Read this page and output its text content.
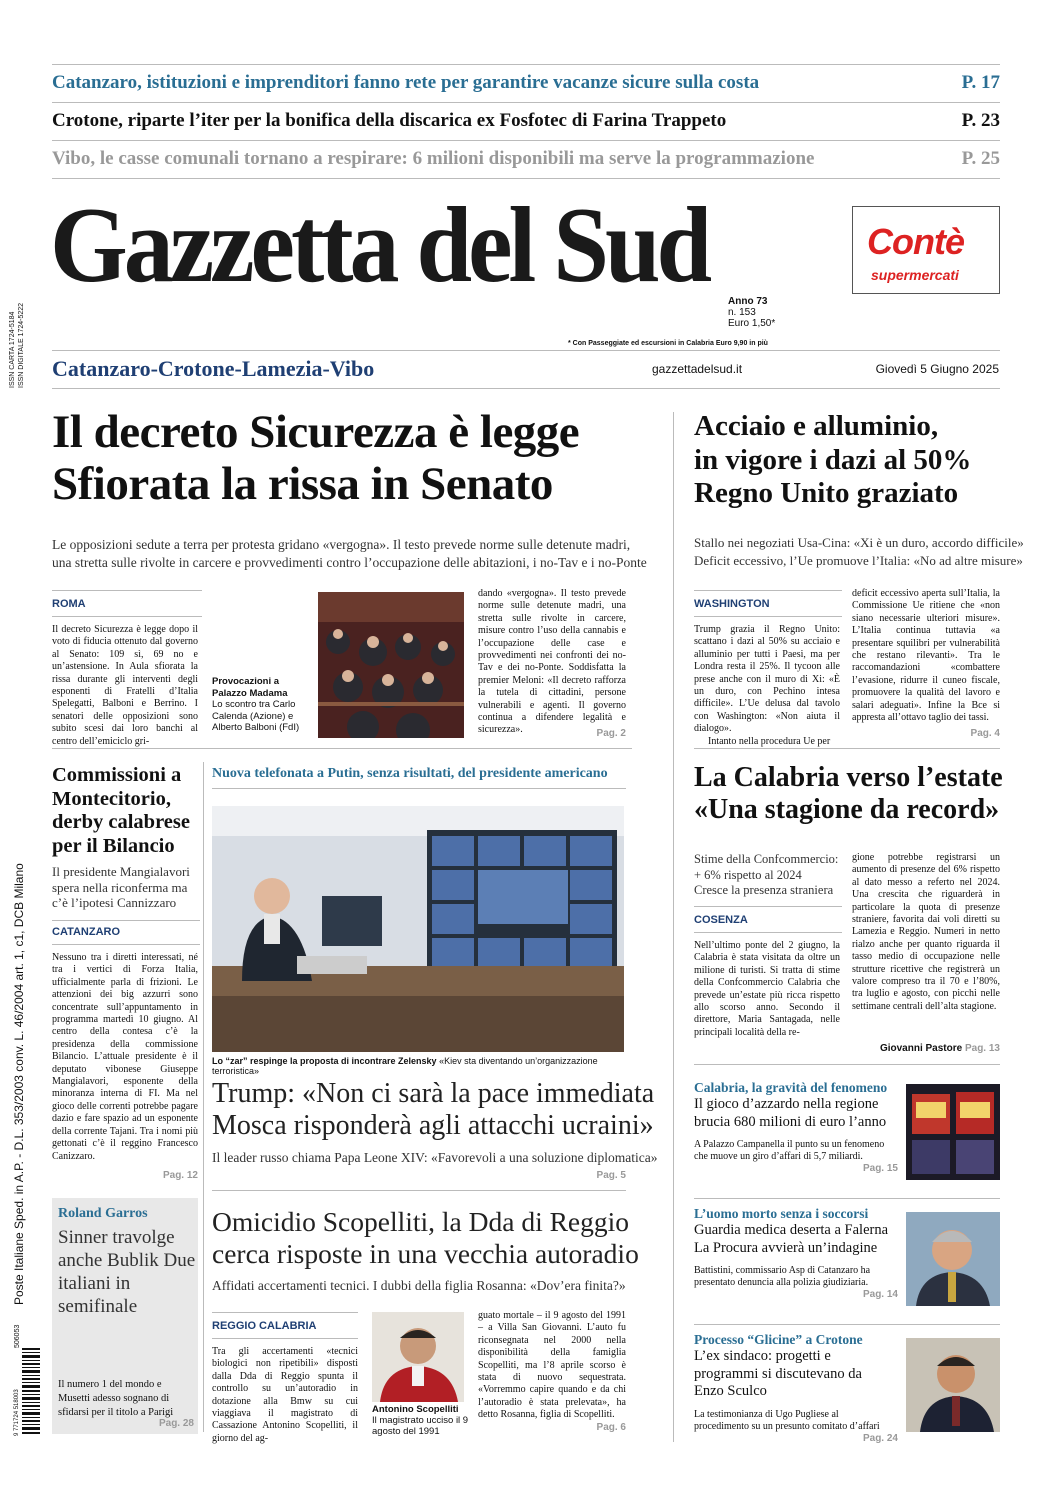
Catanzaro, istituzioni e imprenditori fanno rete per garantire vacanze sicure sulla costa	P. 17
Crotone, riparte l’iter per la bonifica della discarica ex Fosfotec di Farina Trappeto	P. 23
Vibo, le casse comunali tornano a respirare: 6 milioni disponibili ma serve la programmazione	P. 25
Gazzetta del Sud	Contè
supermercati
Anno 73
n. 153
Euro 1,50*
* Con Passeggiate ed escursioni in Calabria Euro 9,90 in più
ISSN CARTA 1724-5184 ISSN DIGITALE 1724-5222
Poste Italiane Sped. in A.P. - D.L. 353/2003 conv. L. 46/2004 art. 1, c1, DCB Milano
Catanzaro-Crotone-Lamezia-Vibo	gazzettadelsud.it	Giovedì 5 Giugno 2025
Il decreto Sicurezza è legge
Sfiorata la rissa in Senato
Le opposizioni sedute a terra per protesta gridano «vergogna». Il testo prevede norme sulle detenute madri,
una stretta sulle rivolte in carcere e provvedimenti contro l’occupazione delle abitazioni, i no-Tav e i no-Ponte
ROMA
Il decreto Sicurezza è legge dopo il voto di fiducia ottenuto dal governo al Senato: 109 sì, 69 no e un’astensione. In Aula sfiorata la rissa durante gli interventi degli esponenti di Fratelli d’Italia Spelegatti, Balboni e Berrino. I senatori delle opposizioni sono subito scesi dai loro banchi al centro dell’emiciclo gri-
Provocazioni a Palazzo Madama
Lo scontro tra Carlo Calenda (Azione) e Alberto Balboni (FdI)
dando «vergogna». Il testo prevede norme sulle detenute madri, una stretta sulle rivolte in carcere, misure contro l’uso della cannabis e l’occupazione delle case e provvedimenti nei confronti dei no-Tav e dei no-Ponte. Soddisfatta la premier Meloni: «Il decreto rafforza la tutela di cittadini, persone vulnerabili e agenti. Il governo continua a difendere legalità e sicurezza».	Pag. 2
Acciaio e alluminio,
in vigore i dazi al 50%
Regno Unito graziato
Stallo nei negoziati Usa-Cina: «Xi è un duro, accordo difficile»
Deficit eccessivo, l’Ue promuove l’Italia: «No ad altre misure»
WASHINGTON
Trump grazia il Regno Unito: scattano i dazi al 50% su acciaio e alluminio per tutti i Paesi, ma per Londra resta il 25%. Il tycoon alle prese anche con il muro di Xi: «È un duro, con Pechino intesa difficile». L’Ue delusa dal tavolo con Washington: «Non aiuta il dialogo».
Intanto nella procedura Ue per
deficit eccessivo aperta sull’Italia, la Commissione Ue ritiene che «non siano necessarie ulteriori misure». L’Italia continua tuttavia «a presentare squilibri per vulnerabilità che restano rilevanti». Tra le raccomandazioni «combattere l’evasione, ridurre il cuneo fiscale, promuovere la qualità del lavoro e salari adeguati». Infine la Bce si appresta all’ottavo taglio dei tassi.
Pag. 4
Commissioni a Montecitorio, derby calabrese per il Bilancio
Il presidente Mangialavori spera nella riconferma ma c’è l’ipotesi Cannizzaro
CATANZARO
Nessuno tra i diretti interessati, né tra i vertici di Forza Italia, ufficialmente parla di frizioni. Le attenzioni dei big azzurri sono concentrate sull’appuntamento in programma martedì 10 giugno. Al centro della contesa c’è la presidenza della commissione Bilancio. L’attuale presidente è il deputato vibonese Giuseppe Mangialavori, esponente della minoranza interna di FI. Ma nel gioco delle correnti potrebbe pagare dazio e fare spazio ad un esponente della corrente Tajani. Tra i nomi più gettonati c’è il reggino Francesco Canizzaro.
Pag. 12
Nuova telefonata a Putin, senza risultati, del presidente americano
Lo “zar” respinge la proposta di incontrare Zelensky «Kiev sta diventando un’organizzazione terroristica»
Trump: «Non ci sarà la pace immediata
Mosca risponderà agli attacchi ucraini»
Il leader russo chiama Papa Leone XIV: «Favorevoli a una soluzione diplomatica»
Pag. 5
La Calabria verso l’estate
«Una stagione da record»
Stime della Confcommercio:
+ 6% rispetto al 2024
Cresce la presenza straniera
COSENZA
Nell’ultimo ponte del 2 giugno, la Calabria è stata visitata da oltre un milione di turisti. Si tratta di stime della Confcommercio Calabria che prevede un’estate più ricca rispetto allo scorso anno. Secondo il direttore, Maria Santagada, nelle principali località della re-
gione potrebbe registrarsi un aumento di presenze del 6% rispetto al dato messo a referto nel 2024. Una crescita che riguarderà in particolare la quota di presenze straniere, favorita dai voli diretti su Lamezia e Reggio. Numeri in netto rialzo anche per quanto riguarda il tasso medio di occupazione nelle strutture ricettive che registrerà un valore compreso tra il 70 e l’80%, tra luglio e agosto, con picchi nelle settimane centrali dell’alta stagione.
Giovanni Pastore Pag. 13
Calabria, la gravità del fenomeno
Il gioco d’azzardo nella regione brucia 680 milioni di euro l’anno
A Palazzo Campanella il punto su un fenomeno che muove un giro d’affari di 5,7 miliardi.
Pag. 15
L’uomo morto senza i soccorsi
Guardia medica deserta a Falerna La Procura avvierà un’indagine
Battistini, commissario Asp di Catanzaro ha presentato denuncia alla polizia giudiziaria.
Pag. 14
Processo “Glicine” a Crotone
L’ex sindaco: progetti e programmi si discutevano da Enzo Sculco
La testimonianza di Ugo Pugliese al procedimento su un presunto comitato d’affari
Pag. 24
Roland Garros
Sinner travolge anche Bublik Due italiani in semifinale
Il numero 1 del mondo e Musetti adesso sognano di sfidarsi per il titolo a Parigi
Pag. 28
506053
9 771724 518003
Omicidio Scopelliti, la Dda di Reggio
cerca risposte in una vecchia autoradio
Affidati accertamenti tecnici. I dubbi della figlia Rosanna: «Dov’era finita?»
REGGIO CALABRIA
Tra gli accertamenti «tecnici biologici non ripetibili» disposti dalla Dda di Reggio spunta il controllo su un’autoradio in dotazione alla Bmw su cui viaggiava il magistrato di Cassazione Antonino Scopelliti, il giorno del ag-
Antonino Scopelliti
Il magistrato ucciso il 9 agosto del 1991
guato mortale – il 9 agosto del 1991 – a Villa San Giovanni. L’auto fu riconsegnata nel 2000 nella disponibilità della famiglia Scopelliti, ma l’8 aprile scorso è stata di nuovo sequestrata. «Vorremmo capire quando e da chi l’autoradio è stata prelevata», ha detto Rosanna, figlia di Scopelliti.
Pag. 6
